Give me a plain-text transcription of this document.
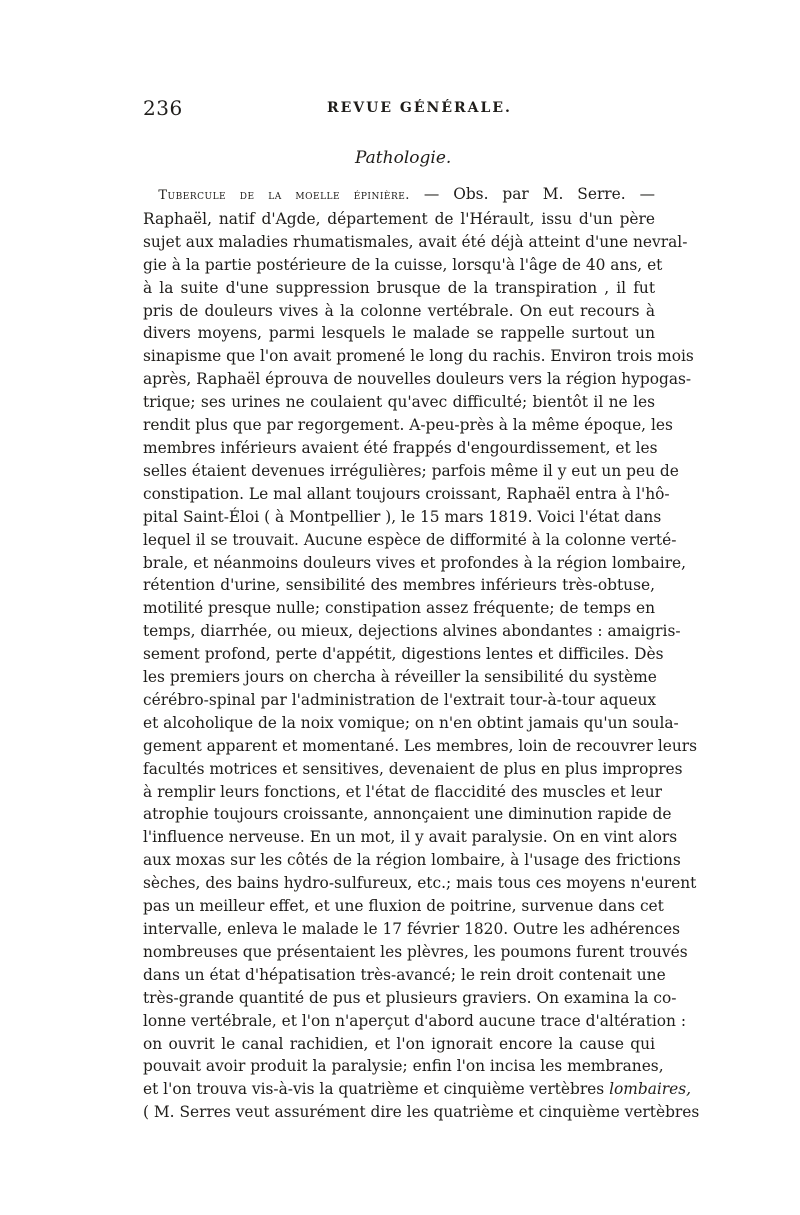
236	REVUE GÉNÉRALE.
Pathologie.
 Tubercule de la moelle épinière. — Obs. par M. Serre. —
Raphaël, natif d'Agde, département de l'Hérault, issu d'un père
sujet aux maladies rhumatismales, avait été déjà atteint d'une nevral-
gie à la partie postérieure de la cuisse, lorsqu'à l'âge de 40 ans, et
à la suite d'une suppression brusque de la transpiration , il fut
pris de douleurs vives à la colonne vertébrale. On eut recours à
divers moyens, parmi lesquels le malade se rappelle surtout un
sinapisme que l'on avait promené le long du rachis. Environ trois mois
après, Raphaël éprouva de nouvelles douleurs vers la région hypogas-
trique; ses urines ne coulaient qu'avec difficulté; bientôt il ne les
rendit plus que par regorgement. A-peu-près à la même époque, les
membres inférieurs avaient été frappés d'engourdissement, et les
selles étaient devenues irrégulières; parfois même il y eut un peu de
constipation. Le mal allant toujours croissant, Raphaël entra à l'hô-
pital Saint-Éloi ( à Montpellier ), le 15 mars 1819. Voici l'état dans
lequel il se trouvait. Aucune espèce de difformité à la colonne verté-
brale, et néanmoins douleurs vives et profondes à la région lombaire,
rétention d'urine, sensibilité des membres inférieurs très-obtuse,
motilité presque nulle; constipation assez fréquente; de temps en
temps, diarrhée, ou mieux, dejections alvines abondantes : amaigris-
sement profond, perte d'appétit, digestions lentes et difficiles. Dès
les premiers jours on chercha à réveiller la sensibilité du système
cérébro-spinal par l'administration de l'extrait tour-à-tour aqueux
et alcoholique de la noix vomique; on n'en obtint jamais qu'un soula-
gement apparent et momentané. Les membres, loin de recouvrer leurs
facultés motrices et sensitives, devenaient de plus en plus impropres
à remplir leurs fonctions, et l'état de flaccidité des muscles et leur
atrophie toujours croissante, annonçaient une diminution rapide de
l'influence nerveuse. En un mot, il y avait paralysie. On en vint alors
aux moxas sur les côtés de la région lombaire, à l'usage des frictions
sèches, des bains hydro-sulfureux, etc.; mais tous ces moyens n'eurent
pas un meilleur effet, et une fluxion de poitrine, survenue dans cet
intervalle, enleva le malade le 17 février 1820. Outre les adhérences
nombreuses que présentaient les plèvres, les poumons furent trouvés
dans un état d'hépatisation très-avancé; le rein droit contenait une
très-grande quantité de pus et plusieurs graviers. On examina la co-
lonne vertébrale, et l'on n'aperçut d'abord aucune trace d'altération :
on ouvrit le canal rachidien, et l'on ignorait encore la cause qui
pouvait avoir produit la paralysie; enfin l'on incisa les membranes,
et l'on trouva vis-à-vis la quatrième et cinquième vertèbres lombaires,
( M. Serres veut assurément dire les quatrième et cinquième vertèbres
